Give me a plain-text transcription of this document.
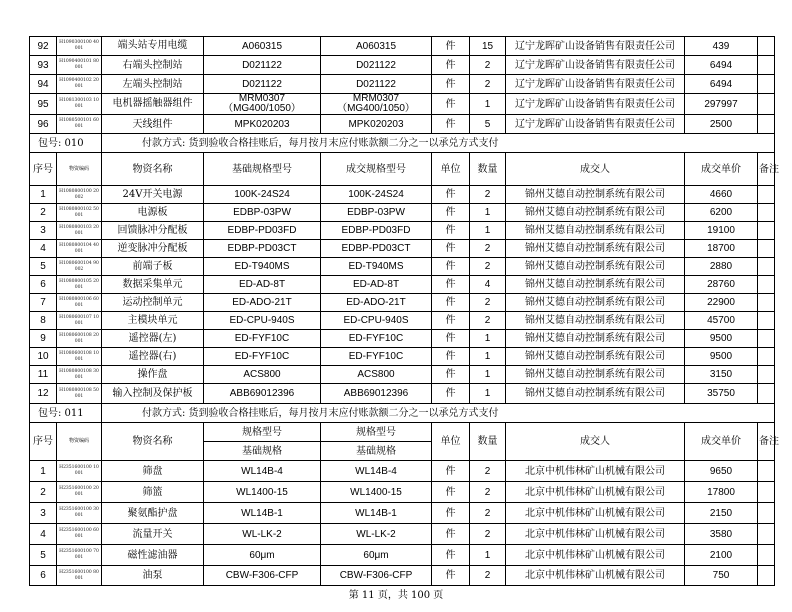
92	H1090300100 40001	端头站专用电缆	A060315	A060315	件	15	辽宁龙晖矿山设备销售有限责任公司	439	
93	H1090400101 80001	右端头控制站	D021122	D021122	件	2	辽宁龙晖矿山设备销售有限责任公司	6494	
94	H1090400102 20001	左端头控制站	D021122	D021122	件	2	辽宁龙晖矿山设备销售有限责任公司	6494	
95	H1081300103 10001	电机器摇触器组件	MRM0307 （MG400/1050）	MRM0307 （MG400/1050）	件	1	辽宁龙晖矿山设备销售有限责任公司	297997	
96	H1080500101 60001	天线组件	MPK020203	MPK020203	件	5	辽宁龙晖矿山设备销售有限责任公司	2500	
包号: 010		付款方式: 货到验收合格挂账后，每月按月末应付账款额二分之一以承兑方式支付							
序号	物资编码	物资名称	基础规格型号	成交规格型号	单位	数量	成交人	成交单价	备注
1	H1080800100 20002	24V开关电源	100K-24S24	100K-24S24	件	2	锦州艾德自动控制系统有限公司	4660	
2	H1080800102 50001	电源板	EDBP-03PW	EDBP-03PW	件	1	锦州艾德自动控制系统有限公司	6200	
3	H1080800103 20001	回馈脉冲分配板	EDBP-PD03FD	EDBP-PD03FD	件	1	锦州艾德自动控制系统有限公司	19100	
4	H1080800104 40001	逆变脉冲分配板	EDBP-PD03CT	EDBP-PD03CT	件	2	锦州艾德自动控制系统有限公司	18700	
5	H1080600104 90002	前端子板	ED-T940MS	ED-T940MS	件	2	锦州艾德自动控制系统有限公司	2880	
6	H1080800105 20001	数据采集单元	ED-AD-8T	ED-AD-8T	件	4	锦州艾德自动控制系统有限公司	28760	
7	H1080800106 60001	运动控制单元	ED-ADO-21T	ED-ADO-21T	件	2	锦州艾德自动控制系统有限公司	22900	
8	H1080600107 10001	主模块单元	ED-CPU-940S	ED-CPU-940S	件	2	锦州艾德自动控制系统有限公司	45700	
9	H1080600108 20001	遥控器(左)	ED-FYF10C	ED-FYF10C	件	1	锦州艾德自动控制系统有限公司	9500	
10	H1080600108 10001	遥控器(右)	ED-FYF10C	ED-FYF10C	件	1	锦州艾德自动控制系统有限公司	9500	
11	H1080800108 30001	操作盘	ACS800	ACS800	件	1	锦州艾德自动控制系统有限公司	3150	
12	H1080800108 50001	输入控制及保护板	ABB69012396	ABB69012396	件	1	锦州艾德自动控制系统有限公司	35750	
包号: 011		付款方式: 货到验收合格挂账后，每月按月末应付账款额二分之一以承兑方式支付							
序号	物资编码	物资名称	规格型号	规格型号	单位	数量	成交人	成交单价	备注
			基础规格	基础规格					
1	H2351600100 10001	筛盘	WL14B-4	WL14B-4	件	2	北京中机伟林矿山机械有限公司	9650	
2	H2351600100 20001	筛篮	WL1400-15	WL1400-15	件	2	北京中机伟林矿山机械有限公司	17800	
3	H2351600100 30001	聚氨酯护盘	WL14B-1	WL14B-1	件	2	北京中机伟林矿山机械有限公司	2150	
4	H2351600100 60001	流量开关	WL-LK-2	WL-LK-2	件	2	北京中机伟林矿山机械有限公司	3580	
5	H2351600100 70001	磁性滤油器	60μm	60μm	件	1	北京中机伟林矿山机械有限公司	2100	
6	H2351600100 80001	油泵	CBW-F306-CFP	CBW-F306-CFP	件	2	北京中机伟林矿山机械有限公司	750	
第 11 页，共 100 页
